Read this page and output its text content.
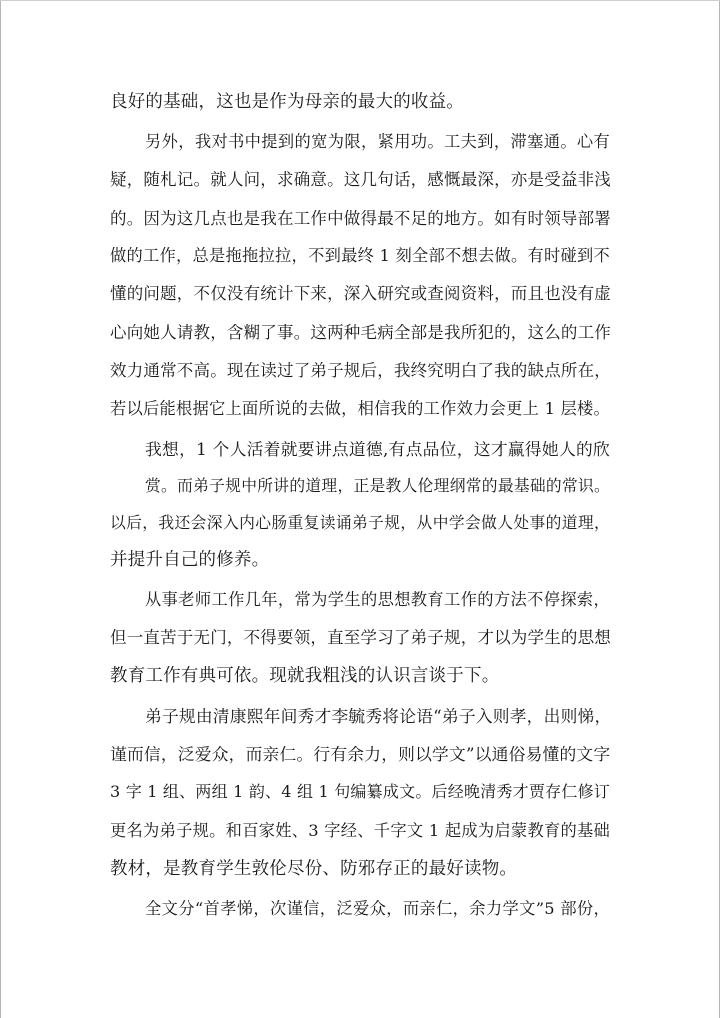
良好的基础，这也是作为母亲的最大的收益。
另外，我对书中提到的宽为限，紧用功。工夫到，滞塞通。心有
疑，随札记。就人问，求确意。这几句话，感慨最深，亦是受益非浅
的。因为这几点也是我在工作中做得最不足的地方。如有时领导部署
做的工作，总是拖拖拉拉，不到最终 1 刻全部不想去做。有时碰到不
懂的问题，不仅没有统计下来，深入研究或查阅资料，而且也没有虚
心向她人请教，含糊了事。这两种毛病全部是我所犯的，这么的工作
效力通常不高。现在读过了弟子规后，我终究明白了我的缺点所在，
若以后能根据它上面所说的去做，相信我的工作效力会更上 1 层楼。
我想，1 个人活着就要讲点道德,有点品位，这才赢得她人的欣
赏。而弟子规中所讲的道理，正是教人伦理纲常的最基础的常识。
以后，我还会深入内心肠重复读诵弟子规，从中学会做人处事的道理，
并提升自己的修养。
从事老师工作几年，常为学生的思想教育工作的方法不停探索，
但一直苦于无门，不得要领，直至学习了弟子规，才以为学生的思想
教育工作有典可依。现就我粗浅的认识言谈于下。
弟子规由清康熙年间秀才李毓秀将论语“弟子入则孝，出则悌，
谨而信，泛爱众，而亲仁。行有余力，则以学文”以通俗易懂的文字
3 字 1 组、两组 1 韵、4 组 1 句编纂成文。后经晚清秀才贾存仁修订
更名为弟子规。和百家姓、3 字经、千字文 1 起成为启蒙教育的基础
教材，是教育学生敦伦尽份、防邪存正的最好读物。
全文分“首孝悌，次谨信，泛爱众，而亲仁，余力学文”5 部份，
